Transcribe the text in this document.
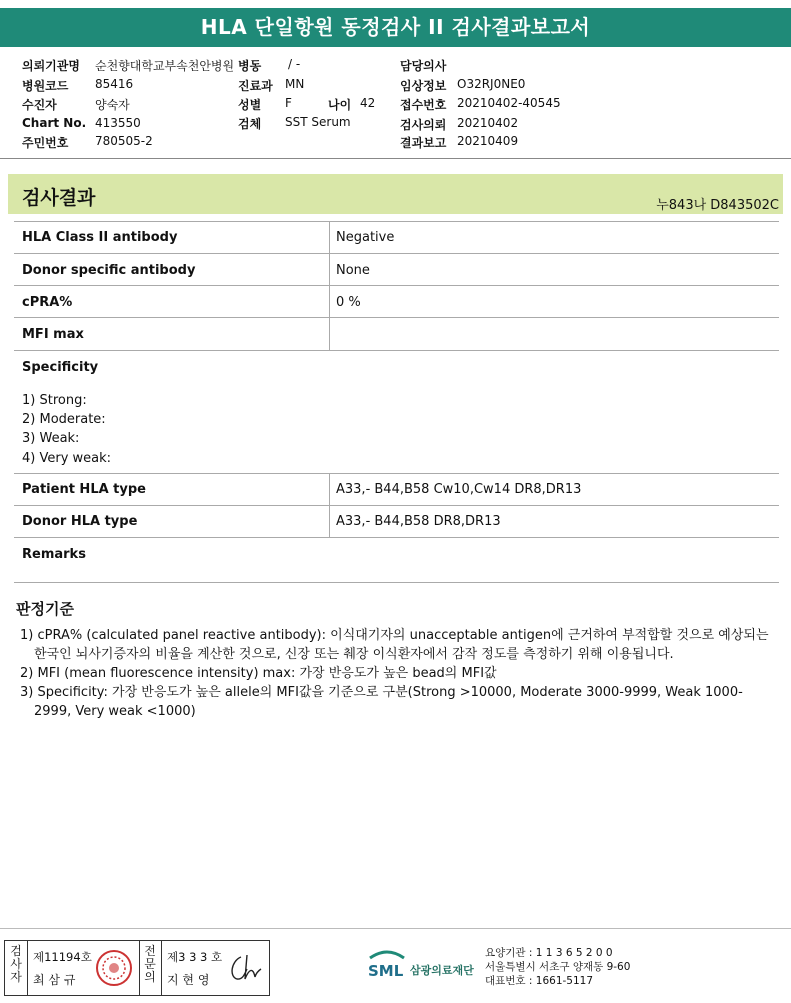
HLA 단일항원 동정검사 II 검사결과보고서
의뢰기관명 순천향대학교부속천안병원
병원코드 85416
수진자	양숙자
Chart No. 413550
주민번호 780505-2
병동 / -
진료과 MN
성별 F	나이 42
검체 SST Serum
담당의사
임상정보 O32RJ0NE0
접수번호 20210402-40545
검사의뢰 20210402
결과보고 20210409
검사결과	누843나 D843502C
HLA Class II antibody	Negative
Donor specific antibody	None
cPRA%	0 %
MFI max
Specificity
1) Strong:
2) Moderate:
3) Weak:
4) Very weak:
Patient HLA type	A33,- B44,B58 Cw10,Cw14 DR8,DR13
Donor HLA type	A33,- B44,B58 DR8,DR13
Remarks
판정기준
1) cPRA% (calculated panel reactive antibody): 이식대기자의 unacceptable antigen에 근거하여 부적합할 것으로 예상되는 한국인 뇌사기증자의 비율을 계산한 것으로, 신장 또는 췌장 이식환자에서 감작 정도를 측정하기 위해 이용됩니다.
2) MFI (mean fluorescence intensity) max: 가장 반응도가 높은 bead의 MFI값
3) Specificity: 가장 반응도가 높은 allele의 MFI값을 기준으로 구분(Strong >10000, Moderate 3000-9999, Weak 1000-2999, Very weak <1000)
검
사
자
제11194호
최 삼 규
전
문
의
제3 3 3 호
지 현 영	SML 삼광의료재단
요양기관 : 1 1 3 6 5 2 0 0
서울특별시 서초구 양재동 9-60
대표번호 : 1661-5117
